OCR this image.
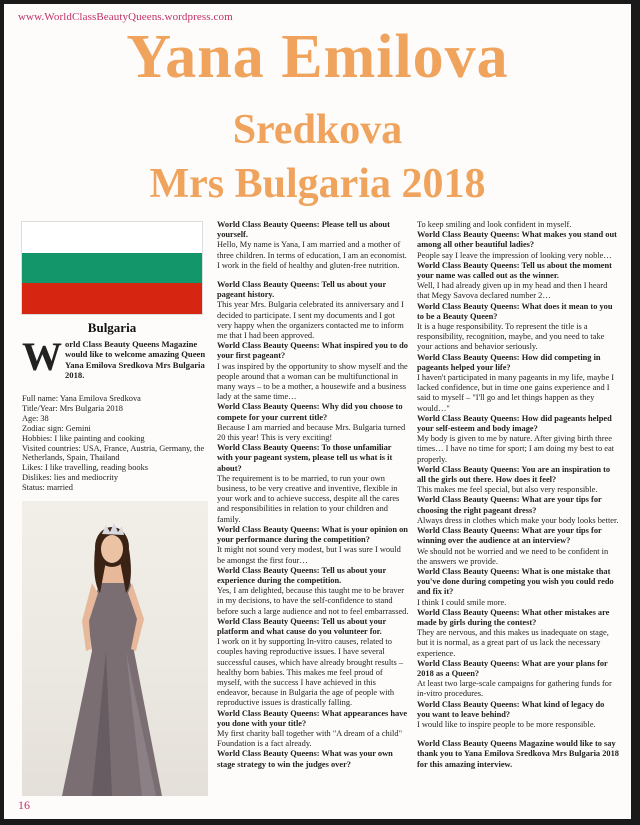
www.WorldClassBeautyQueens.wordpress.com
Yana Emilova
Sredkova
Mrs Bulgaria 2018
Bulgaria
World Class Beauty Queens Magazine would like to welcome amazing Queen Yana Emilova Sredkova Mrs Bulgaria 2018.
Full name: Yana Emilova Sredkova
Title/Year: Mrs Bulgaria 2018
Age: 38
Zodiac sign: Gemini
Hobbies: I like painting and cooking
Visited countries: USA, France, Austria, Germany, the Netherlands, Spain, Thailand
Likes: I like travelling, reading books
Dislikes: lies and mediocrity
Status: married

World Class Beauty Queens: Please tell us about yourself.

Hello, My name is Yana, I am married and a mother of three children. In terms of education, I am an economist. I work in the field of healthy and gluten-free nutrition.

World Class Beauty Queens: Tell us about your pageant history.

This year Mrs. Bulgaria celebrated its anniversary and I decided to participate. I sent my documents and I got very happy when the organizers contacted me to inform me that I had been approved.

World Class Beauty Queens: What inspired you to do your first pageant?

I was inspired by the opportunity to show myself and the people around that a woman can be multifunctional in many ways – to be a mother, a housewife and a business lady at the same time…

World Class Beauty Queens: Why did you choose to compete for your current title?

Because I am married and because Mrs. Bulgaria turned 20 this year! This is very exciting!

World Class Beauty Queens: To those unfamiliar with your pageant system, please tell us what is it about?

The requirement is to be married, to run your own business, to be very creative and inventive, flexible in your work and to achieve success, despite all the cares and responsibilities in relation to your children and family.

World Class Beauty Queens: What is your opinion on your performance during the competition?

It might not sound very modest, but I was sure I would be amongst the first four…

World Class Beauty Queens: Tell us about your experience during the competition.

Yes, I am delighted, because this taught me to be braver in my decisions, to have the self-confidence to stand before such a large audience and not to feel embarrassed.

World Class Beauty Queens: Tell us about your platform and what cause do you volunteer for.

I work on it by supporting In-vitro causes, related to couples having reproductive issues. I have several successful causes, which have already brought results – healthy born babies. This makes me feel proud of myself, with the success I have achieved in this endeavor, because in Bulgaria the age of people with reproductive issues is drastically falling.

World Class Beauty Queens: What appearances have you done with your title?

My first charity ball together with "A dream of a child" Foundation is a fact already.

World Class Beauty Queens: What was your own stage strategy to win the judges over?

To keep smiling and look confident in myself.

World Class Beauty Queens: What makes you stand out among all other beautiful ladies?

People say I leave the impression of looking very noble…

World Class Beauty Queens: Tell us about the moment your name was called out as the winner.

Well, I had already given up in my head and then I heard that Megy Savova declared number 2…

World Class Beauty Queens: What does it mean to you to be a Beauty Queen?

It is a huge responsibility. To represent the title is a responsibility, recognition, maybe, and you need to take your actions and behavior seriously.

World Class Beauty Queens: How did competing in pageants helped your life?

I haven't participated in many pageants in my life, maybe I lacked confidence, but in time one gains experience and I said to myself – "I'll go and let things happen as they would…"

World Class Beauty Queens: How did pageants helped your self-esteem and body image?

My body is given to me by nature. After giving birth three times… I have no time for sport; I am doing my best to eat properly.

World Class Beauty Queens: You are an inspiration to all the girls out there. How does it feel?

This makes me feel special, but also very responsible.

World Class Beauty Queens: What are your tips for choosing the right pageant dress?

Always dress in clothes which make your body looks better.

World Class Beauty Queens: What are your tips for winning over the audience at an interview?

We should not be worried and we need to be confident in the answers we provide.

World Class Beauty Queens: What is one mistake that you've done during competing you wish you could redo and fix it?

I think I could smile more.

World Class Beauty Queens: What other mistakes are made by girls during the contest?

They are nervous, and this makes us inadequate on stage, but it is normal, as a great part of us lack the necessary experience.

World Class Beauty Queens: What are your plans for 2018 as a Queen?

At least two large-scale campaigns for gathering funds for in-vitro procedures.

World Class Beauty Queens: What kind of legacy do you want to leave behind?

I would like to inspire people to be more responsible.

World Class Beauty Queens Magazine would like to say thank you to Yana Emilova Sredkova Mrs Bulgaria 2018 for this amazing interview.

16
